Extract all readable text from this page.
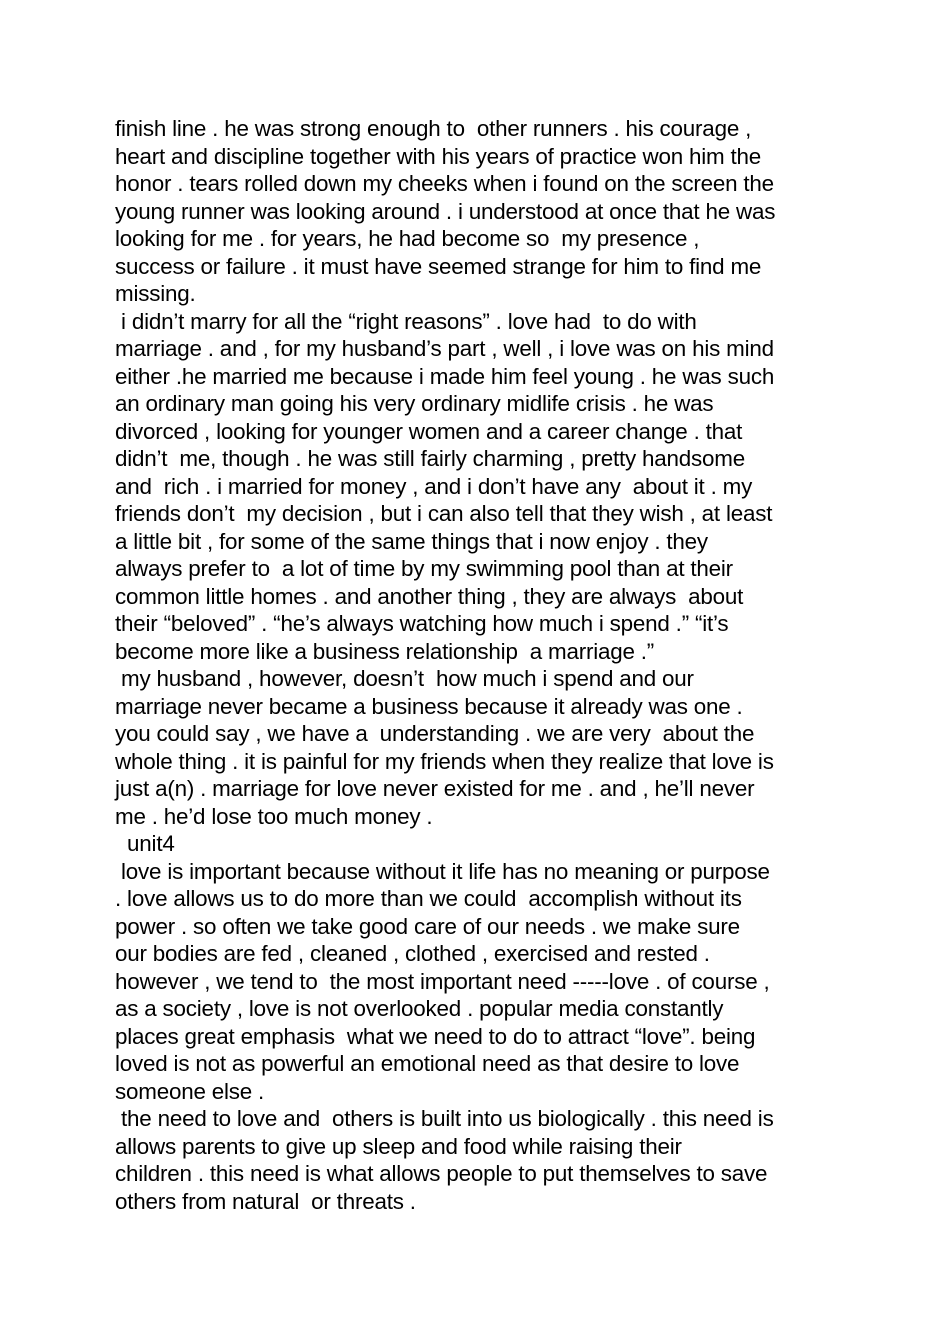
finish line . he was strong enough to  other runners . his courage ,
heart and discipline together with his years of practice won him the
honor . tears rolled down my cheeks when i found on the screen the
young runner was looking around . i understood at once that he was
looking for me . for years, he had become so  my presence ,
success or failure . it must have seemed strange for him to find me
missing.
i didn’t marry for all the “right reasons” . love had  to do with
marriage . and , for my husband’s part , well , i love was on his mind
either .he married me because i made him feel young . he was such
an ordinary man going his very ordinary midlife crisis . he was
divorced , looking for younger women and a career change . that
didn’t  me, though . he was still fairly charming , pretty handsome
and  rich . i married for money , and i don’t have any  about it . my
friends don’t  my decision , but i can also tell that they wish , at least
a little bit , for some of the same things that i now enjoy . they
always prefer to  a lot of time by my swimming pool than at their
common little homes . and another thing , they are always  about
their “beloved” . “he’s always watching how much i spend .” “it’s
become more like a business relationship  a marriage .”
my husband , however, doesn’t  how much i spend and our
marriage never became a business because it already was one .
you could say , we have a  understanding . we are very  about the
whole thing . it is painful for my friends when they realize that love is
just a(n) . marriage for love never existed for me . and , he’ll never
me . he’d lose too much money .
unit4
love is important because without it life has no meaning or purpose
. love allows us to do more than we could  accomplish without its
power . so often we take good care of our needs . we make sure
our bodies are fed , cleaned , clothed , exercised and rested .
however , we tend to  the most important need -----love . of course ,
as a society , love is not overlooked . popular media constantly
places great emphasis  what we need to do to attract “love”. being
loved is not as powerful an emotional need as that desire to love
someone else .
the need to love and  others is built into us biologically . this need is
allows parents to give up sleep and food while raising their
children . this need is what allows people to put themselves to save
others from natural  or threats .
